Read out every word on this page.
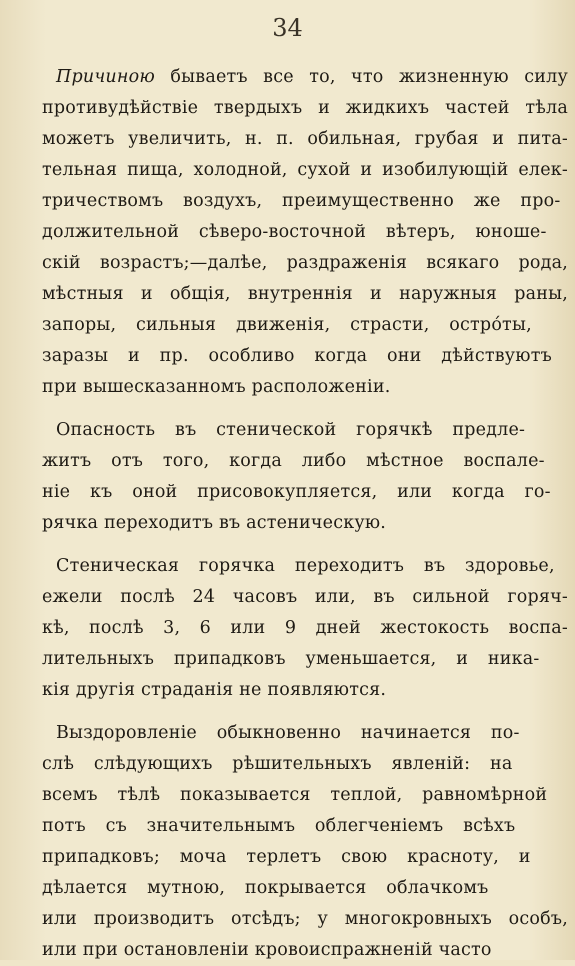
34
Причиною бываетъ все то, что жизненную силу
противудѣйствіе твердыхъ и жидкихъ частей тѣла
можетъ увеличить, н. п. обильная, грубая и пита-
тельная пища, холодной, сухой и изобилующій елек-
тричествомъ воздухъ, преимущественно же про-
должительной сѣверо-восточной вѣтеръ, юноше-
скій возрастъ;—далѣе, раздраженія всякаго рода,
мѣстныя и общія, внутреннія и наружныя раны,
запоры, сильныя движенія, страсти, острóты,
заразы и пр. особливо когда они дѣйствуютъ
при вышесказанномъ расположеніи.
Опасность въ стенической горячкѣ предле-
житъ отъ того, когда либо мѣстное воспале-
ніе къ оной присовокупляется, или когда го-
рячка переходитъ въ астеническую.
Стеническая горячка переходитъ въ здоровье,
ежели послѣ 24 часовъ или, въ сильной горяч-
кѣ, послѣ 3, 6 или 9 дней жестокость воспа-
лительныхъ припадковъ уменьшается, и ника-
кія другія страданія не появляются.
Выздоровленіе обыкновенно начинается по-
слѣ слѣдующихъ рѣшительныхъ явленій: на
всемъ тѣлѣ показывается теплой, равномѣрной
потъ съ значительнымъ облегченіемъ всѣхъ
припадковъ; моча терлетъ свою красноту, и
дѣлается мутною, покрывается облачкомъ
или производитъ отсѣдъ; у многокровныхъ особъ,
или при остановленіи кровоиспражненій часто
